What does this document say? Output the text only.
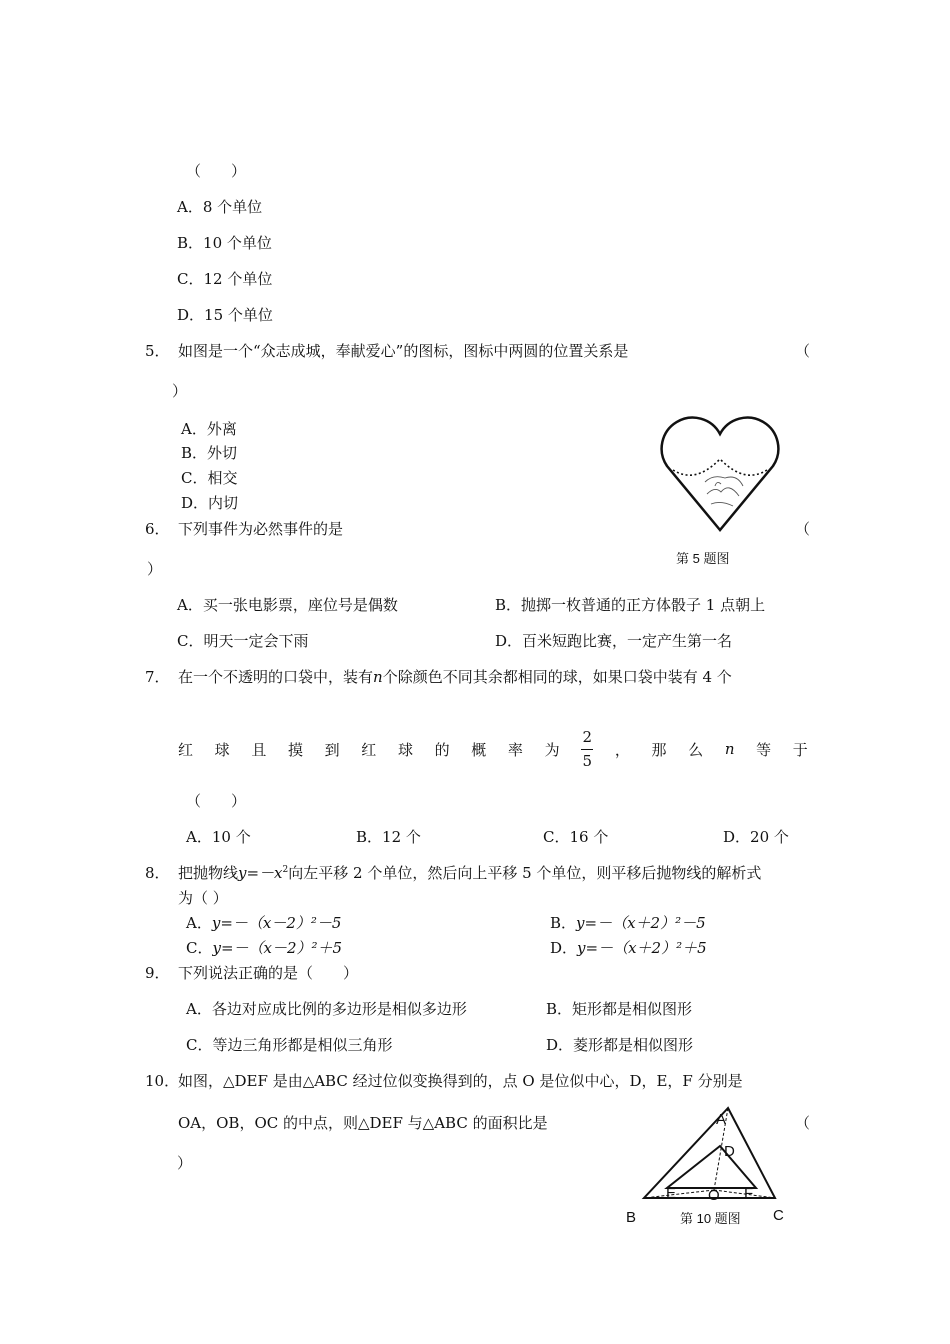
（　　）
A．8 个单位
B．10 个单位
C．12 个单位
D．15 个单位
5． 如图是一个“众志成城，奉献爱心”的图标，图标中两圆的位置关系是	（
）
A．外离
B．外切
C．相交
D．内切
第 5 题图
6． 下列事件为必然事件的是	（
）
A．买一张电影票，座位号是偶数	B．抛掷一枚普通的正方体骰子 1 点朝上
C．明天一定会下雨	D．百米短跑比赛，一定产生第一名
7． 在一个不透明的口袋中，装有n个除颜色不同其余都相同的球，如果口袋中装有 4 个
红 球 且 摸 到 红 球 的 概 率 为 $\frac{2}{5}$ ， 那 么 n 等 于
（　　）
A．10 个	B．12 个	C．16 个	D．20 个
8． 把抛物线$y=-x^2$向左平移 2 个单位，然后向上平移 5 个单位，则平移后抛物线的解析式
为（ ）
A．y=－（x－2）²－5	B．y=－（x＋2）²－5
C．y=－（x－2）²＋5	D．y=－（x＋2）²＋5
9． 下列说法正确的是（　　）
A．各边对应成比例的多边形是相似多边形	B．矩形都是相似图形
C．等边三角形都是相似三角形	D．菱形都是相似图形
10．
如图，△DEF 是由△ABC 经过位似变换得到的，点 O 是位似中心，D，E，F 分别是
OA，OB，OC 的中点，则△DEF 与△ABC 的面积比是	（
）
A
D
E O F
B	C
第 10 题图
